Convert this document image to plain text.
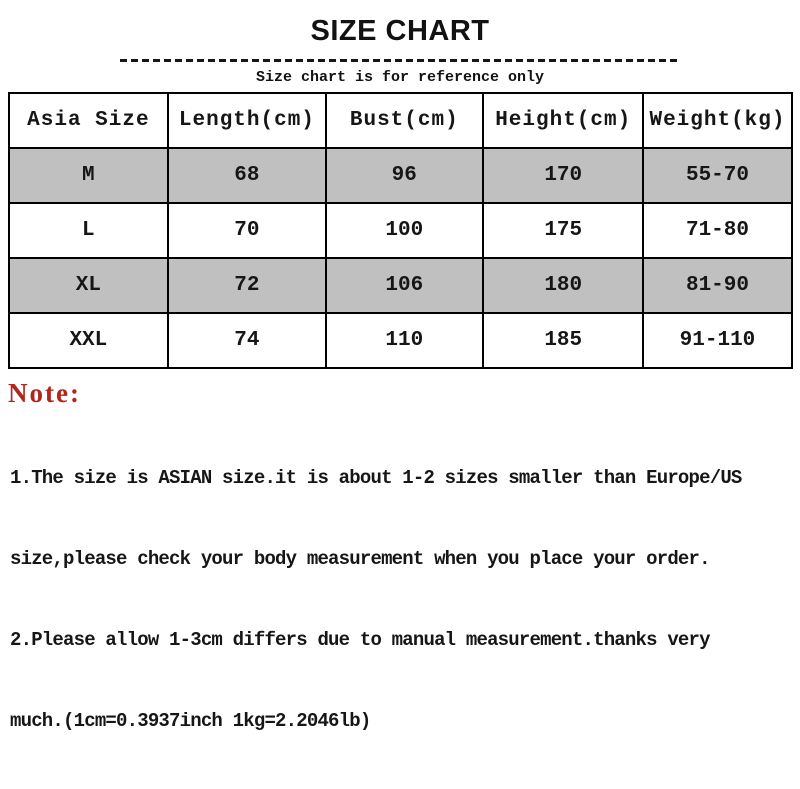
SIZE CHART
Size chart is for reference only
Asia Size	Length(cm)	Bust(cm)	Height(cm)	Weight(kg)
M	68	96	170	55-70
L	70	100	175	71-80
XL	72	106	180	81-90
XXL	74	110	185	91-110
Note:

1.The size is ASIAN size.it is about 1-2 sizes smaller than Europe/US

size,please check your body measurement when you place your order.

2.Please allow 1-3cm differs due to manual measurement.thanks very

much.(1cm=0.3937inch 1kg=2.2046lb)
